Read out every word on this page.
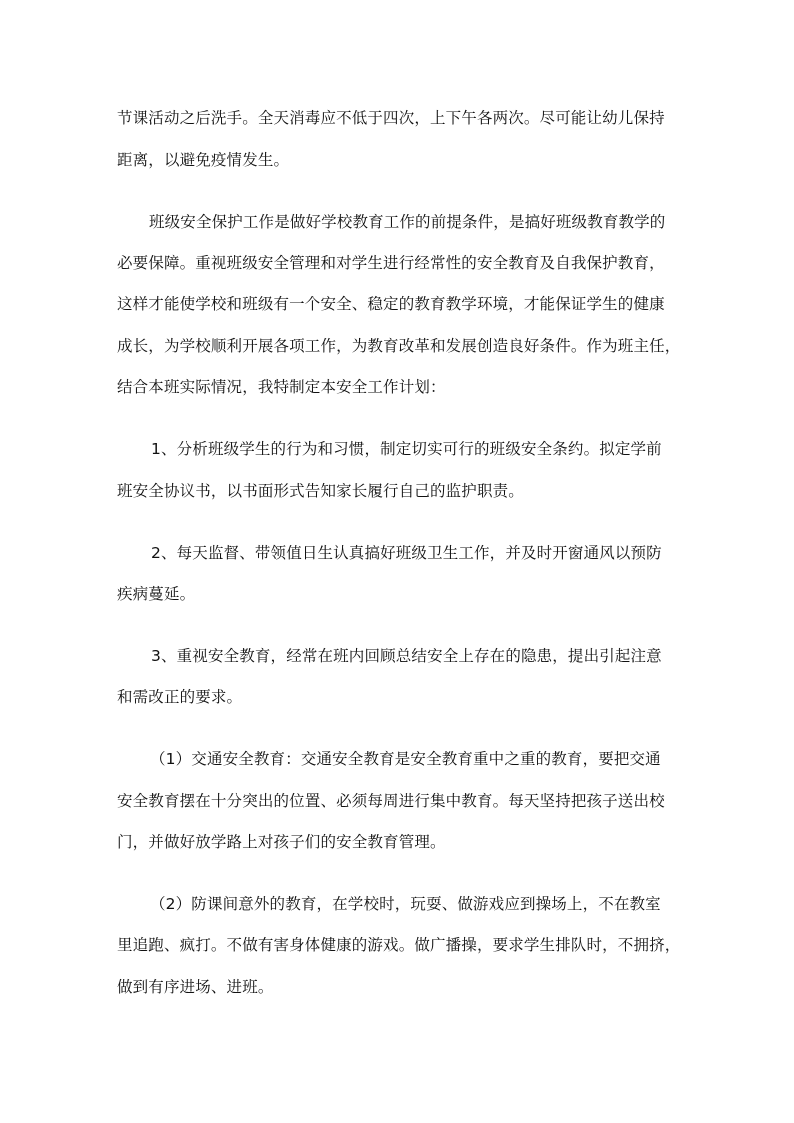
节课活动之后洗手。全天消毒应不低于四次，上下午各两次。尽可能让幼儿保持
距离，以避免疫情发生。
班级安全保护工作是做好学校教育工作的前提条件，是搞好班级教育教学的
必要保障。重视班级安全管理和对学生进行经常性的安全教育及自我保护教育，
这样才能使学校和班级有一个安全、稳定的教育教学环境，才能保证学生的健康
成长，为学校顺利开展各项工作，为教育改革和发展创造良好条件。作为班主任，
结合本班实际情况，我特制定本安全工作计划：
1、分析班级学生的行为和习惯，制定切实可行的班级安全条约。拟定学前
班安全协议书，以书面形式告知家长履行自己的监护职责。
2、每天监督、带领值日生认真搞好班级卫生工作，并及时开窗通风以预防
疾病蔓延。
3、重视安全教育，经常在班内回顾总结安全上存在的隐患，提出引起注意
和需改正的要求。
（1）交通安全教育：交通安全教育是安全教育重中之重的教育，要把交通
安全教育摆在十分突出的位置、必须每周进行集中教育。每天坚持把孩子送出校
门，并做好放学路上对孩子们的安全教育管理。
（2）防课间意外的教育，在学校时，玩耍、做游戏应到操场上，不在教室
里追跑、疯打。不做有害身体健康的游戏。做广播操，要求学生排队时，不拥挤，
做到有序进场、进班。
